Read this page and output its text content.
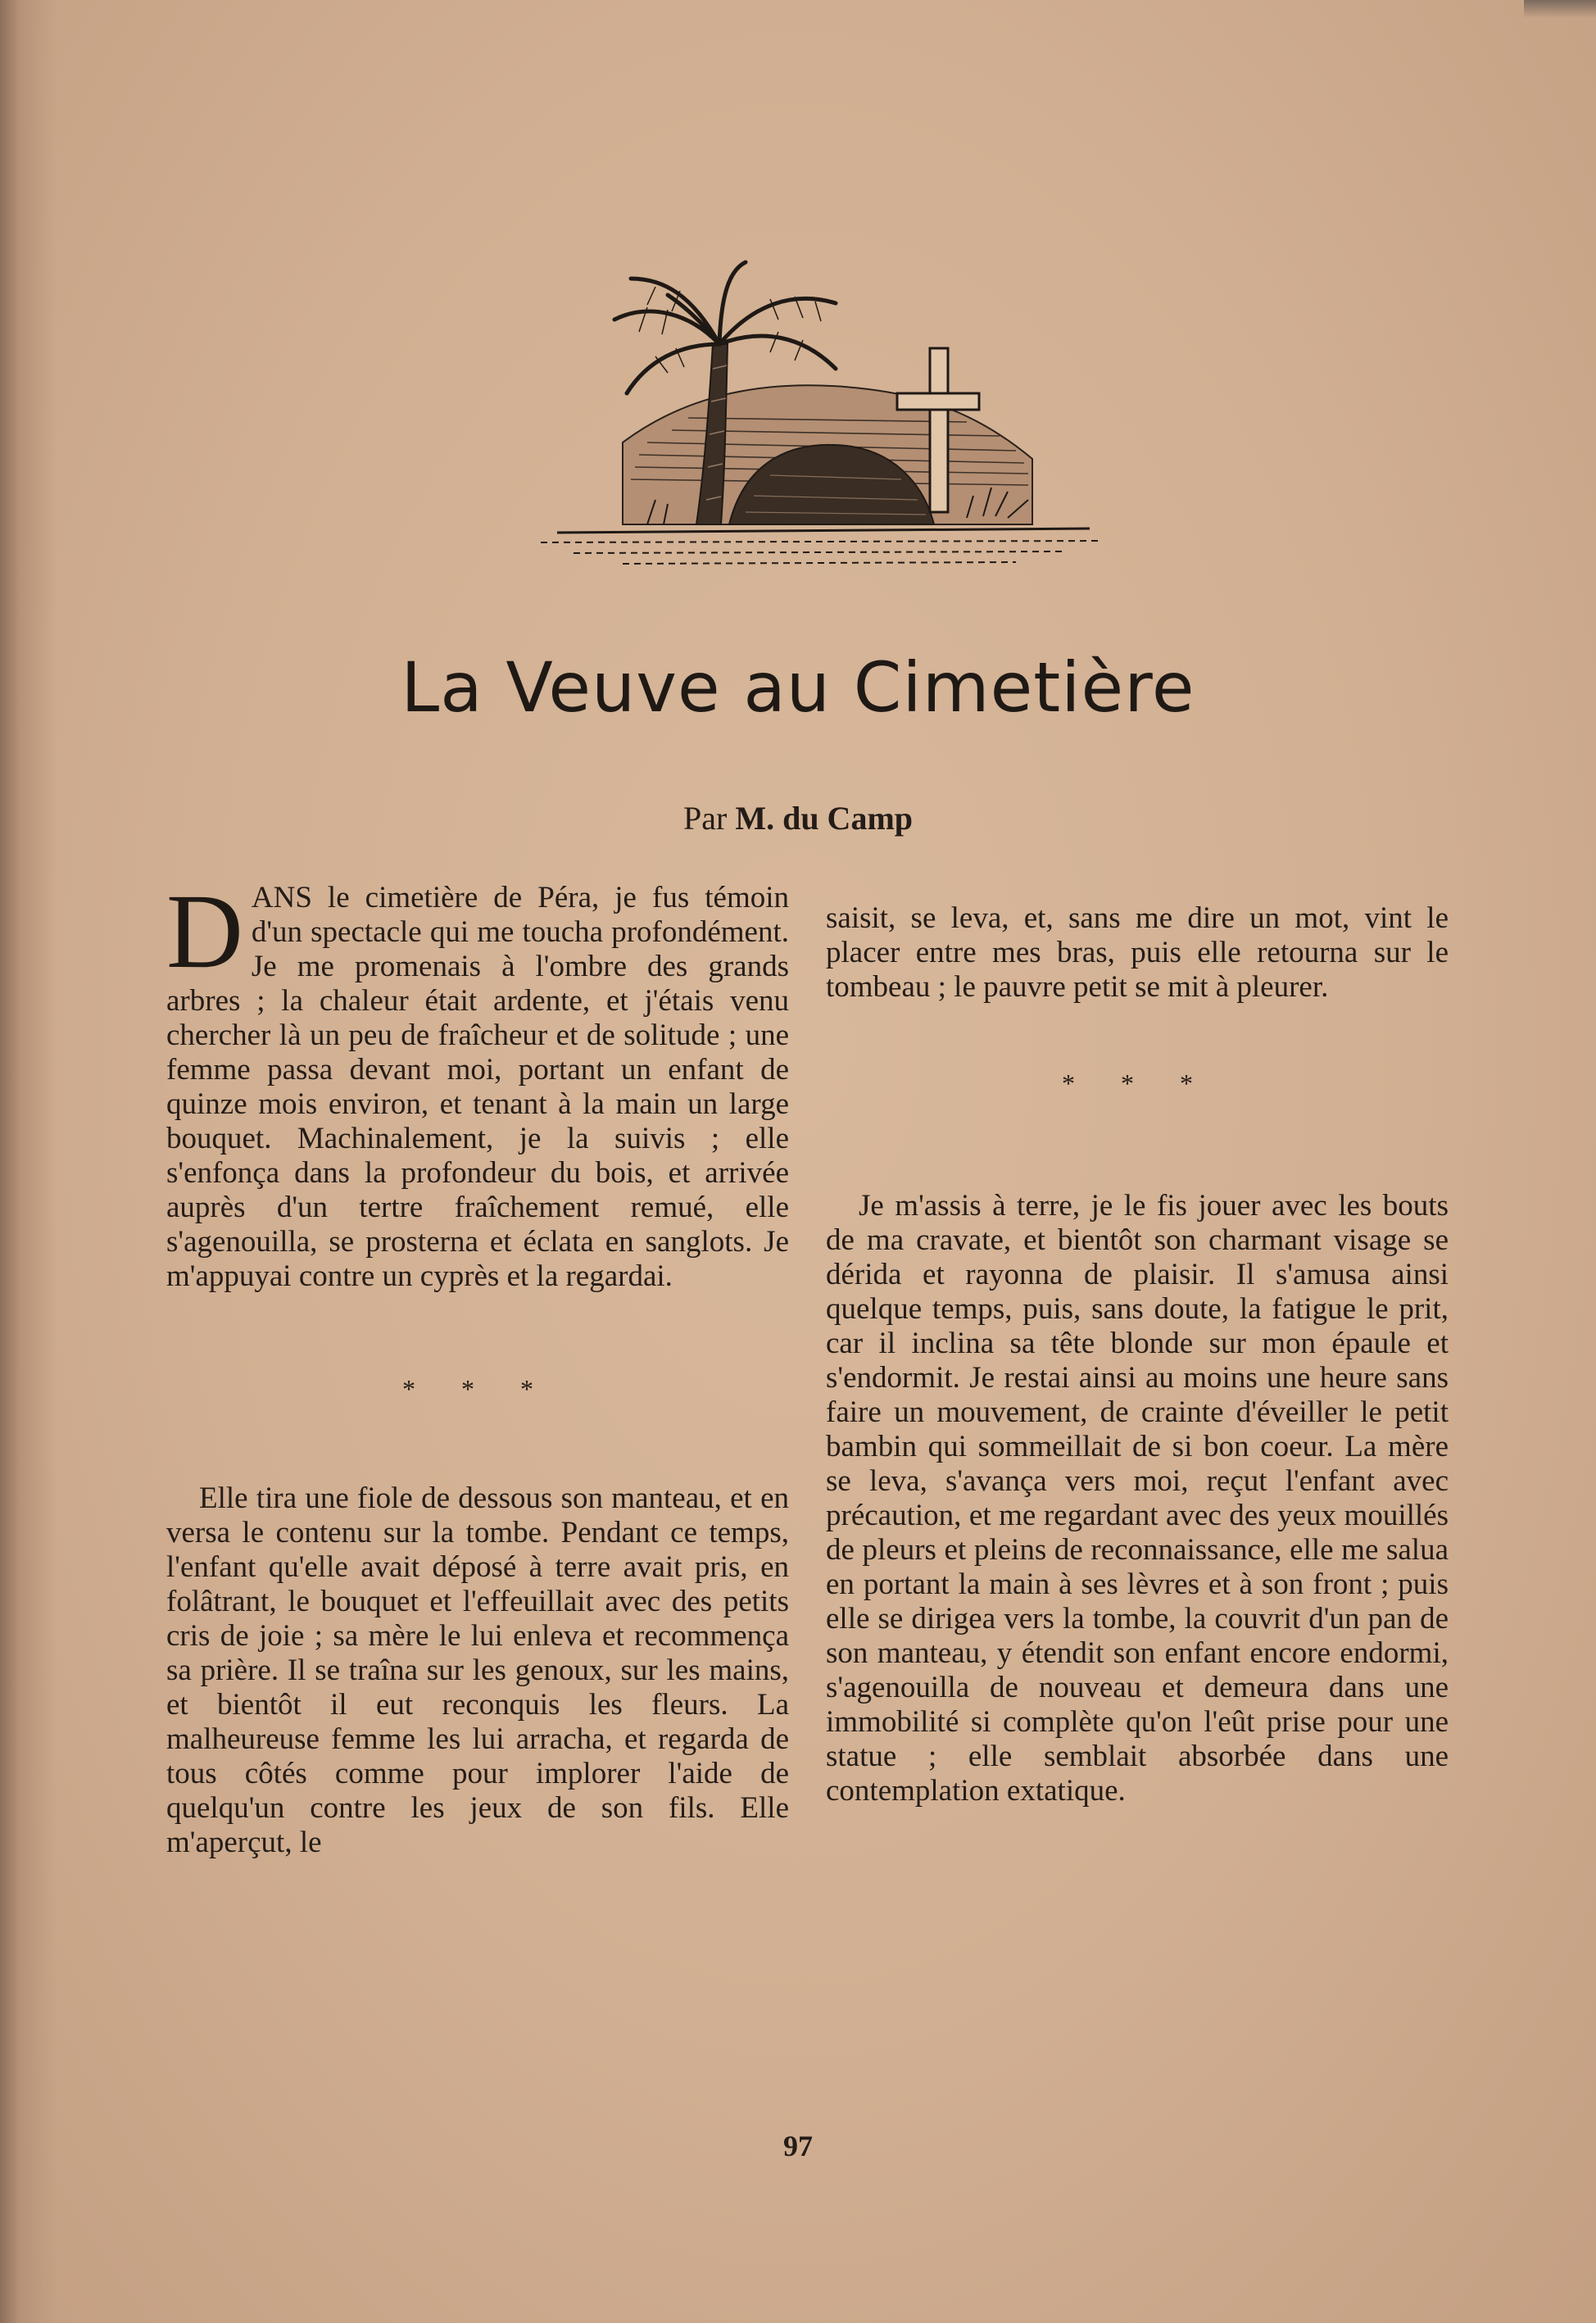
La Veuve au Cimetière
Par M. du Camp

DANS le cimetière de Péra, je fus témoin d'un spectacle qui me toucha profondément. Je me promenais à l'ombre des grands arbres ; la chaleur était ardente, et j'étais venu chercher là un peu de fraîcheur et de solitude ; une femme passa devant moi, portant un enfant de quinze mois environ, et tenant à la main un large bouquet. Machinalement, je la suivis ; elle s'enfonça dans la profondeur du bois, et arrivée auprès d'un tertre fraîchement remué, elle s'agenouilla, se prosterna et éclata en sanglots. Je m'appuyai contre un cyprès et la regardai.

* * *

Elle tira une fiole de dessous son manteau, et en versa le contenu sur la tombe. Pendant ce temps, l'enfant qu'elle avait déposé à terre avait pris, en folâtrant, le bouquet et l'effeuillait avec des petits cris de joie ; sa mère le lui enleva et recommença sa prière. Il se traîna sur les genoux, sur les mains, et bientôt il eut reconquis les fleurs. La malheureuse femme les lui arracha, et regarda de tous côtés comme pour implorer l'aide de quelqu'un contre les jeux de son fils. Elle m'aperçut, le

saisit, se leva, et, sans me dire un mot, vint le placer entre mes bras, puis elle retourna sur le tombeau ; le pauvre petit se mit à pleurer.

* * *

Je m'assis à terre, je le fis jouer avec les bouts de ma cravate, et bientôt son charmant visage se dérida et rayonna de plaisir. Il s'amusa ainsi quelque temps, puis, sans doute, la fatigue le prit, car il inclina sa tête blonde sur mon épaule et s'endormit. Je restai ainsi au moins une heure sans faire un mouvement, de crainte d'éveiller le petit bambin qui sommeillait de si bon coeur. La mère se leva, s'avança vers moi, reçut l'enfant avec précaution, et me regardant avec des yeux mouillés de pleurs et pleins de reconnaissance, elle me salua en portant la main à ses lèvres et à son front ; puis elle se dirigea vers la tombe, la couvrit d'un pan de son manteau, y étendit son enfant encore endormi, s'agenouilla de nouveau et demeura dans une immobilité si complète qu'on l'eût prise pour une statue ; elle semblait absorbée dans une contemplation extatique.

97
